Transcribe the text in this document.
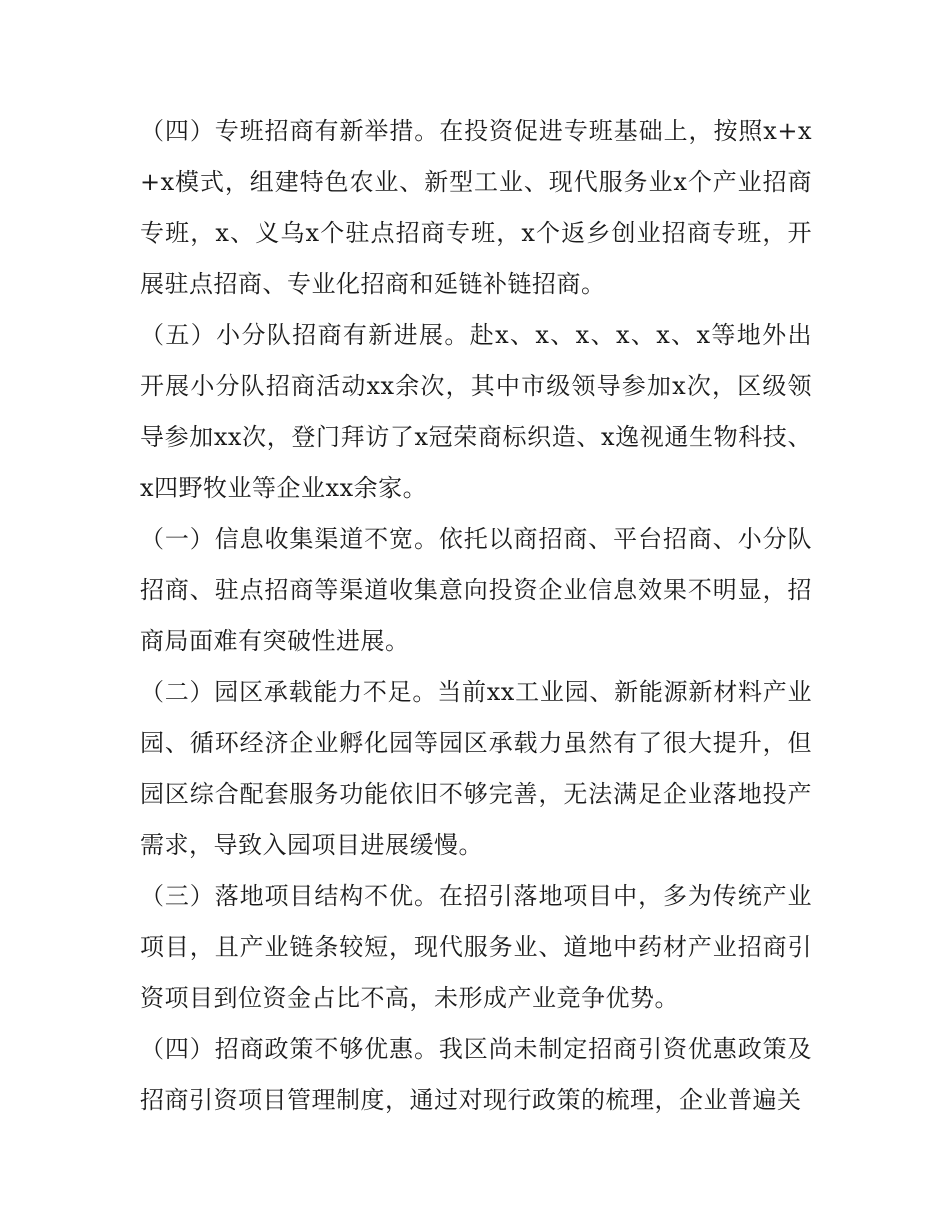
（四）专班招商有新举措。在投资促进专班基础上，按照x+x+x模式，组建特色农业、新型工业、现代服务业x个产业招商专班，x、义乌x个驻点招商专班，x个返乡创业招商专班，开展驻点招商、专业化招商和延链补链招商。

（五）小分队招商有新进展。赴x、x、x、x、x、x等地外出开展小分队招商活动xx余次，其中市级领导参加x次，区级领导参加xx次，登门拜访了x冠荣商标织造、x逸视通生物科技、x四野牧业等企业xx余家。

（一）信息收集渠道不宽。依托以商招商、平台招商、小分队招商、驻点招商等渠道收集意向投资企业信息效果不明显，招商局面难有突破性进展。

（二）园区承载能力不足。当前xx工业园、新能源新材料产业园、循环经济企业孵化园等园区承载力虽然有了很大提升，但园区综合配套服务功能依旧不够完善，无法满足企业落地投产需求，导致入园项目进展缓慢。

（三）落地项目结构不优。在招引落地项目中，多为传统产业项目，且产业链条较短，现代服务业、道地中药材产业招商引资项目到位资金占比不高，未形成产业竞争优势。

（四）招商政策不够优惠。我区尚未制定招商引资优惠政策及招商引资项目管理制度，通过对现行政策的梳理，企业普遍关
